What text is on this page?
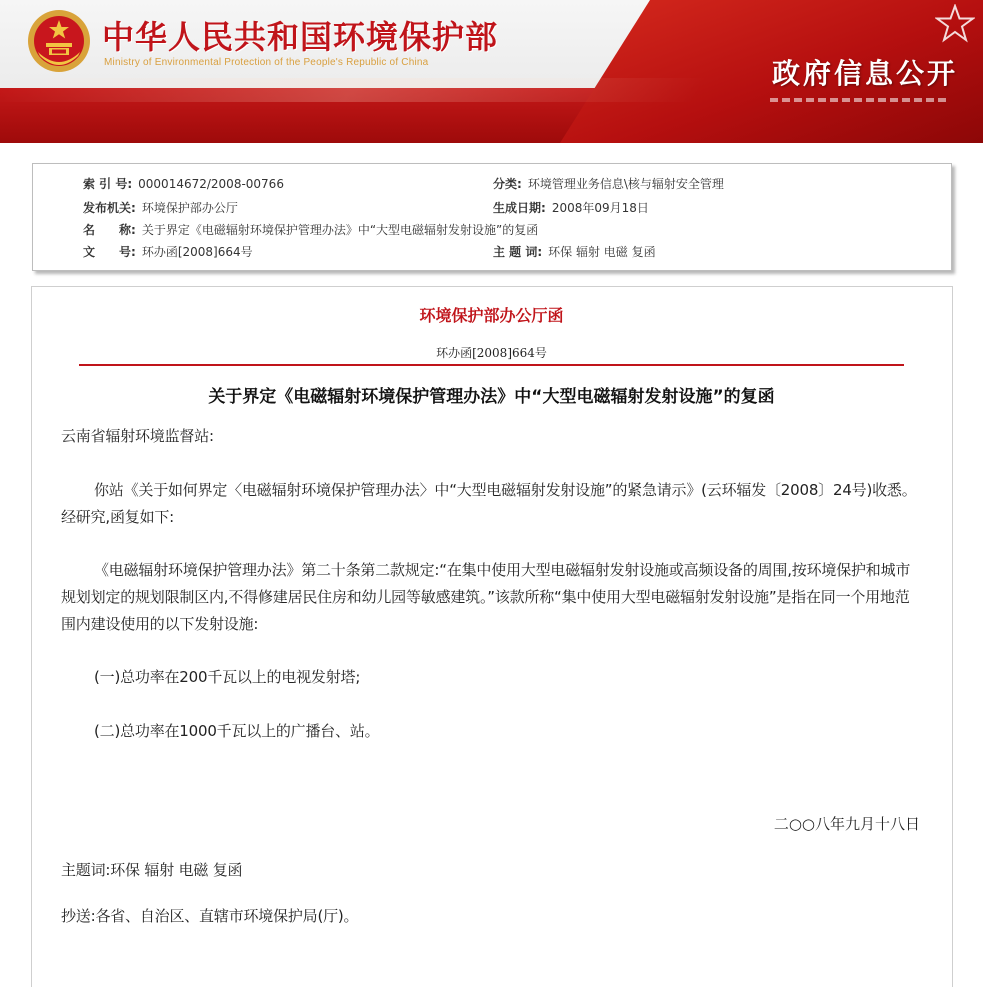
中华人民共和国环境保护部
Ministry of Environmental Protection of the People's Republic of China	政府信息公开
索 引 号: 000014672/2008-00766	分类: 环境管理业务信息\核与辐射安全管理
发布机关: 环境保护部办公厅	生成日期: 2008年09月18日
名　　称: 关于界定《电磁辐射环境保护管理办法》中“大型电磁辐射发射设施”的复函
文　　号: 环办函[2008]664号	主 题 词: 环保 辐射 电磁 复函
环境保护部办公厅函
环办函[2008]664号
关于界定《电磁辐射环境保护管理办法》中“大型电磁辐射发射设施”的复函

云南省辐射环境监督站:

你站《关于如何界定〈电磁辐射环境保护管理办法〉中“大型电磁辐射发射设施”的紧急请示》(云环辐发〔2008〕24号)收悉。经研究,函复如下:

《电磁辐射环境保护管理办法》第二十条第二款规定:“在集中使用大型电磁辐射发射设施或高频设备的周围,按环境保护和城市规划划定的规划限制区内,不得修建居民住房和幼儿园等敏感建筑。”该款所称“集中使用大型电磁辐射发射设施”是指在同一个用地范围内建设使用的以下发射设施:

(一)总功率在200千瓦以上的电视发射塔;

(二)总功率在1000千瓦以上的广播台、站。

二○○八年九月十八日

主题词:环保 辐射 电磁 复函

抄送:各省、自治区、直辖市环境保护局(厅)。
